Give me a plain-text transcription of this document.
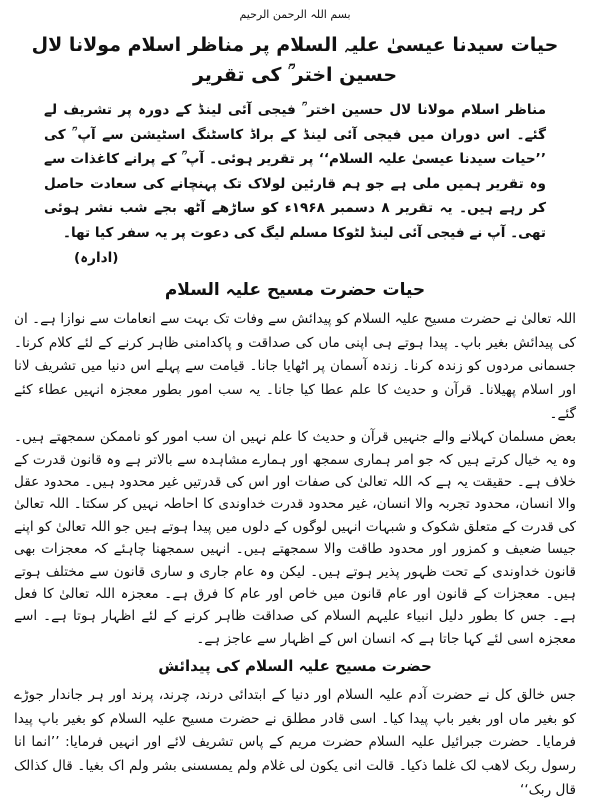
بسم اللہ الرحمن الرحیم

حیات سیدنا عیسیٰ علیہ السلام پر مناظر اسلام مولانا لال حسین اختر ؒ کی تقریر

مناظر اسلام مولانا لال حسین اختر ؒ فیجی آئی لینڈ کے دورہ پر تشریف لے گئے۔ اس دوران میں فیجی آئی لینڈ کے براڈ کاسٹنگ اسٹیشن سے آپ ؒ کی ’’حیات سیدنا عیسیٰ علیہ السلام‘‘ پر تقریر ہوئی۔ آپ ؒ کے پرانے کاغذات سے وہ تقریر ہمیں ملی ہے جو ہم قارئین لولاک تک پہنچانے کی سعادت حاصل کر رہے ہیں۔ یہ تقریر ۸ دسمبر ۱۹۶۸ء کو ساڑھے آٹھ بجے شب نشر ہوئی تھی۔ آپ نے فیجی آئی لینڈ لٹوکا مسلم لیگ کی دعوت پر یہ سفر کیا تھا۔

(ادارہ)

حیات حضرت مسیح علیہ السلام

اللہ تعالیٰ نے حضرت مسیح علیہ السلام کو پیدائش سے وفات تک بہت سے انعامات سے نوازا ہے۔ ان کی پیدائش بغیر باپ۔ پیدا ہوتے ہی اپنی ماں کی صداقت و پاکدامنی ظاہر کرنے کے لئے کلام کرنا۔ جسمانی مردوں کو زندہ کرنا۔ زندہ آسمان پر اٹھایا جانا۔ قیامت سے پہلے اس دنیا میں تشریف لانا اور اسلام پھیلانا۔ قرآن و حدیث کا علم عطا کیا جانا۔ یہ سب امور بطور معجزہ انہیں عطاء کئے گئے۔

بعض مسلمان کہلانے والے جنہیں قرآن و حدیث کا علم نہیں ان سب امور کو ناممکن سمجھتے ہیں۔ وہ یہ خیال کرتے ہیں کہ جو امر ہماری سمجھ اور ہمارے مشاہدہ سے بالاتر ہے وہ قانون قدرت کے خلاف ہے۔ حقیقت یہ ہے کہ اللہ تعالیٰ کی صفات اور اس کی قدرتیں غیر محدود ہیں۔ محدود عقل والا انسان، محدود تجربہ والا انسان، غیر محدود قدرت خداوندی کا احاطہ نہیں کر سکتا۔ اللہ تعالیٰ کی قدرت کے متعلق شکوک و شبہات انہیں لوگوں کے دلوں میں پیدا ہوتے ہیں جو اللہ تعالیٰ کو اپنے جیسا ضعیف و کمزور اور محدود طاقت والا سمجھتے ہیں۔ انہیں سمجھنا چاہئے کہ معجزات بھی قانون خداوندی کے تحت ظہور پذیر ہوتے ہیں۔ لیکن وہ عام جاری و ساری قانون سے مختلف ہوتے ہیں۔ معجزات کے قانون اور عام قانون میں خاص اور عام کا فرق ہے۔ معجزہ اللہ تعالیٰ کا فعل ہے۔ جس کا بطور دلیل انبیاء علیہم السلام کی صداقت ظاہر کرنے کے لئے اظہار ہوتا ہے۔ اسے معجزہ اسی لئے کہا جاتا ہے کہ انسان اس کے اظہار سے عاجز ہے۔

حضرت مسیح علیہ السلام کی پیدائش

جس خالق کل نے حضرت آدم علیہ السلام اور دنیا کے ابتدائی درند، چرند، پرند اور ہر جاندار جوڑے کو بغیر ماں اور بغیر باپ پیدا کیا۔ اسی قادر مطلق نے حضرت مسیح علیہ السلام کو بغیر باپ پیدا فرمایا۔ حضرت جبرائیل علیہ السلام حضرت مریم کے پاس تشریف لائے اور انہیں فرمایا: ’’انما انا رسول ربک لاھب لک غلما ذکیا۔ قالت انی یکون لی غلام ولم یمسسنی بشر ولم اک بغیا۔ قال کذالک قال ربک‘‘
